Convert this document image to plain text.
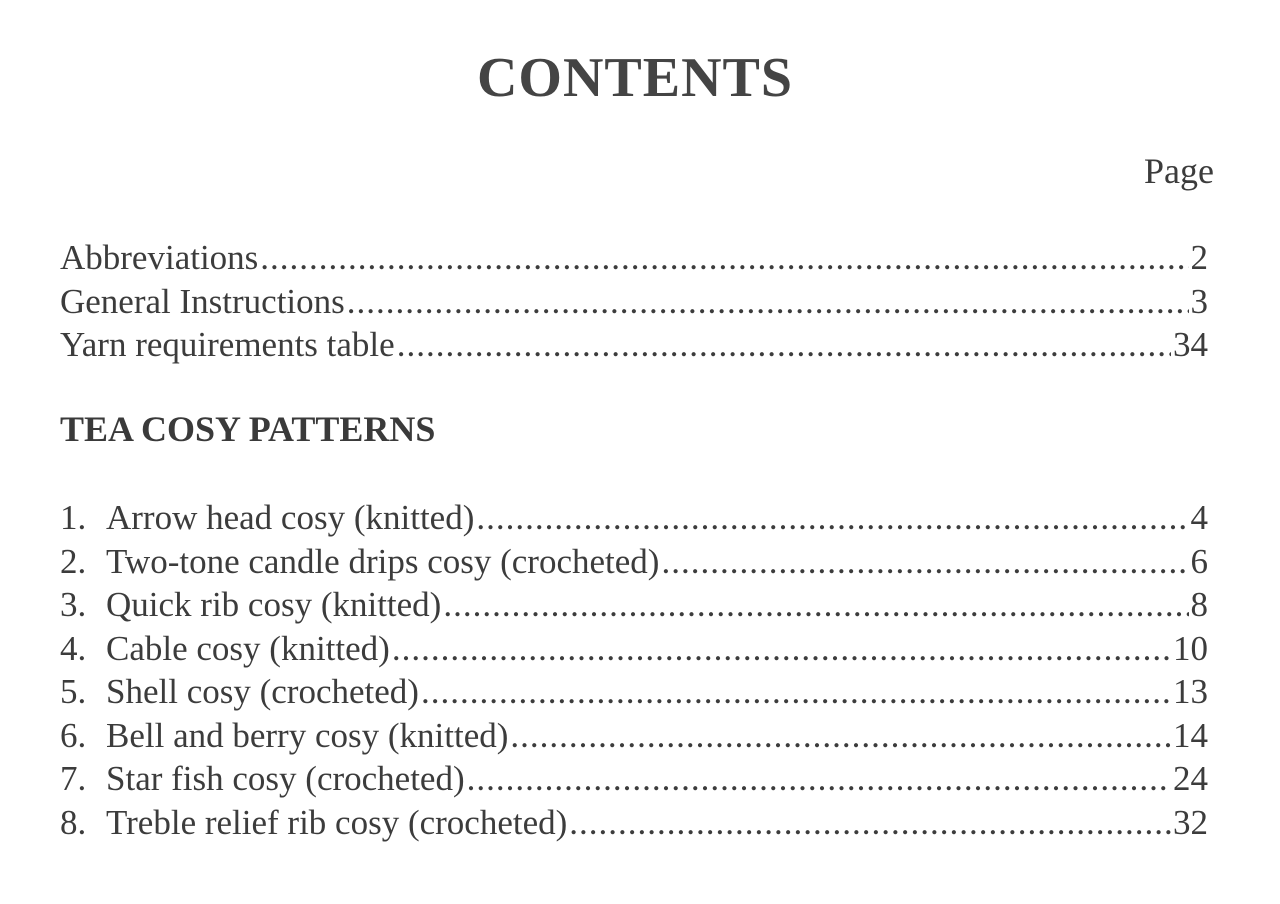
CONTENTS
Page
Abbreviations .....	2
General Instructions .....	3
Yarn requirements table .....	34
TEA COSY PATTERNS
1. Arrow head cosy (knitted) .....	4
2. Two-tone candle drips cosy (crocheted) .....	6
3. Quick rib cosy (knitted) .....	8
4. Cable cosy (knitted) .....	10
5. Shell cosy (crocheted) .....	13
6. Bell and berry cosy (knitted) .....	14
7. Star fish cosy (crocheted) .....	24
8. Treble relief rib cosy (crocheted) .....	32
